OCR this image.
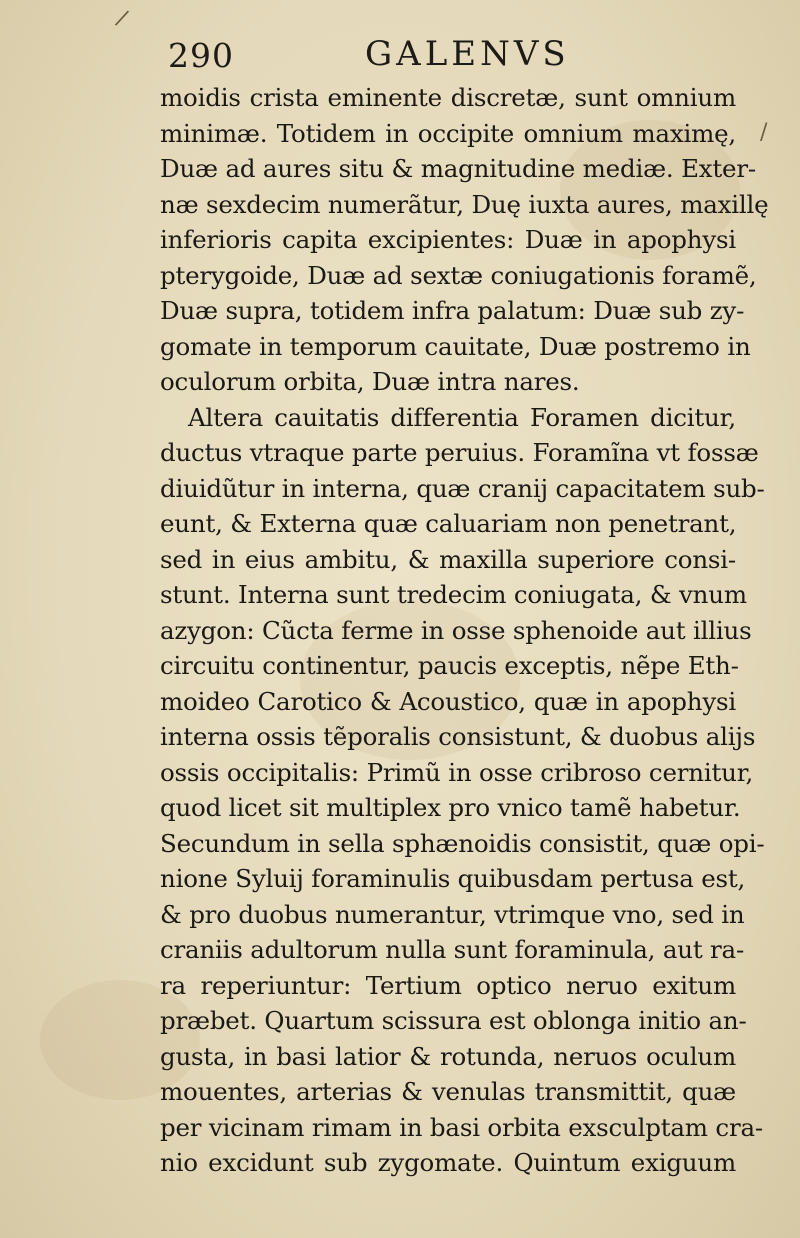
/
/
290	GALENVS
moidis crista eminente discretæ, sunt omnium
minimæ. Totidem in occipite omnium maximę,
Duæ ad aures situ & magnitudine mediæ. Exter-
næ sexdecim numerãtur, Duę iuxta aures, maxillę
inferioris capita excipientes: Duæ in apophysi
pterygoide, Duæ ad sextæ coniugationis foramẽ,
Duæ supra, totidem infra palatum: Duæ sub zy-
gomate in temporum cauitate, Duæ postremo in
oculorum orbita, Duæ intra nares.
Altera cauitatis differentia Foramen dicitur,
ductus vtraque parte peruius. Foramĩna vt fossæ
diuidũtur in interna, quæ cranij capacitatem sub-
eunt, & Externa quæ caluariam non penetrant,
sed in eius ambitu, & maxilla superiore consi-
stunt. Interna sunt tredecim coniugata, & vnum
azygon: Cũcta ferme in osse sphenoide aut illius
circuitu continentur, paucis exceptis, nẽpe Eth-
moideo Carotico & Acoustico, quæ in apophysi
interna ossis tẽporalis consistunt, & duobus alijs
ossis occipitalis: Primũ in osse cribroso cernitur,
quod licet sit multiplex pro vnico tamẽ habetur.
Secundum in sella sphænoidis consistit, quæ opi-
nione Syluij foraminulis quibusdam pertusa est,
& pro duobus numerantur, vtrimque vno, sed in
craniis adultorum nulla sunt foraminula, aut ra-
ra reperiuntur: Tertium optico neruo exitum
præbet. Quartum scissura est oblonga initio an-
gusta, in basi latior & rotunda, neruos oculum
mouentes, arterias & venulas transmittit, quæ
per vicinam rimam in basi orbita exsculptam cra-
nio excidunt sub zygomate. Quintum exiguum
